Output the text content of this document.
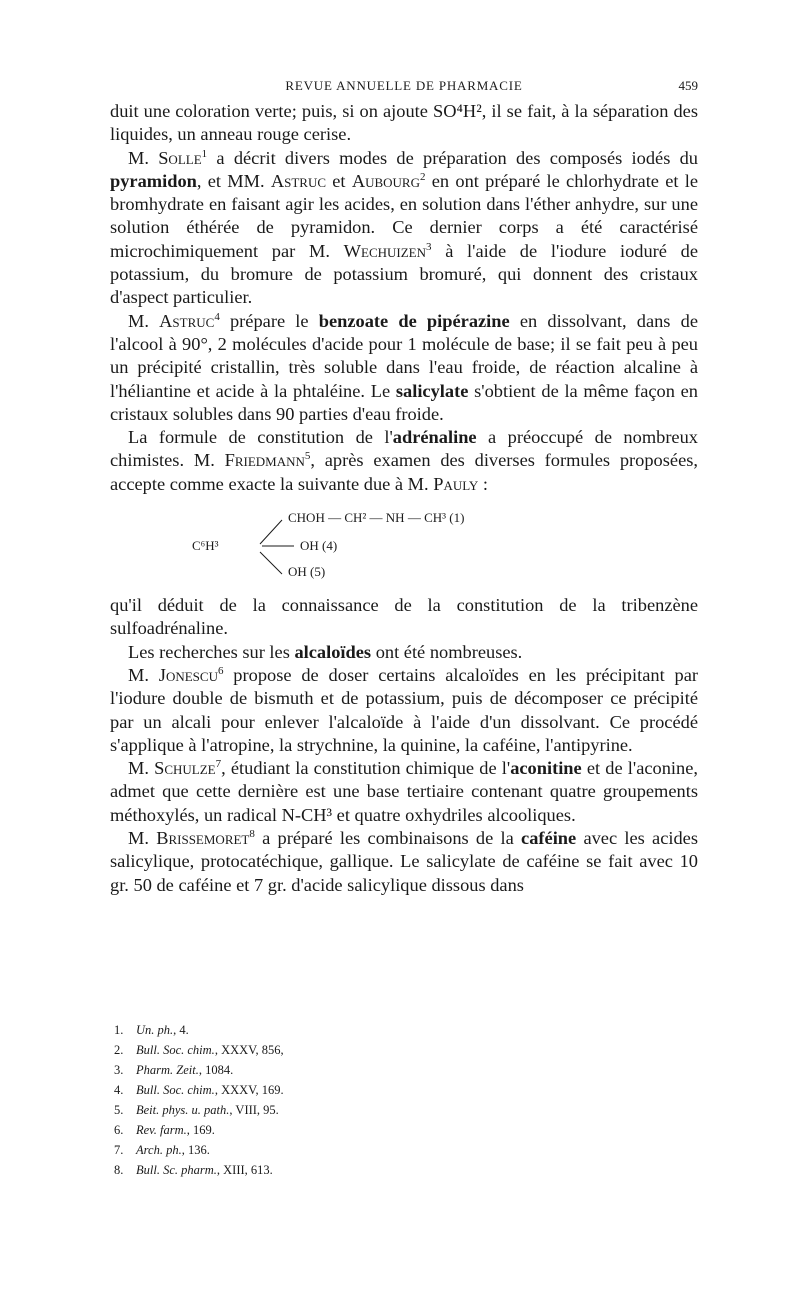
REVUE ANNUELLE DE PHARMACIE	459

duit une coloration verte; puis, si on ajoute SO⁴H², il se fait, à la séparation des liquides, un anneau rouge cerise.

M. Solle$^1$ a décrit divers modes de préparation des composés iodés du pyramidon, et MM. Astruc et Aubourg$^2$ en ont préparé le chlorhydrate et le bromhydrate en faisant agir les acides, en solution dans l'éther anhydre, sur une solution éthérée de pyramidon. Ce dernier corps a été caractérisé microchimiquement par M. Wechuizen$^3$ à l'aide de l'iodure ioduré de potassium, du bromure de potassium bromuré, qui donnent des cristaux d'aspect particulier.

M. Astruc$^4$ prépare le benzoate de pipérazine en dissolvant, dans de l'alcool à 90°, 2 molécules d'acide pour 1 molécule de base; il se fait peu à peu un précipité cristallin, très soluble dans l'eau froide, de réaction alcaline à l'héliantine et acide à la phtaléine. Le salicylate s'obtient de la même façon en cristaux solubles dans 90 parties d'eau froide.

La formule de constitution de l'adrénaline a préoccupé de nombreux chimistes. M. Friedmann$^5$, après examen des diverses formules proposées, accepte comme exacte la suivante due à M. Pauly :

C⁶H³
CHOH — CH² — NH — CH³ (1)
OH (4)
OH (5)

qu'il déduit de la connaissance de la constitution de la tribenzène sulfoadrénaline.

Les recherches sur les alcaloïdes ont été nombreuses.

M. Jonescu$^6$ propose de doser certains alcaloïdes en les précipitant par l'iodure double de bismuth et de potassium, puis de décomposer ce précipité par un alcali pour enlever l'alcaloïde à l'aide d'un dissolvant. Ce procédé s'applique à l'atropine, la strychnine, la quinine, la caféine, l'antipyrine.

M. Schulze$^7$, étudiant la constitution chimique de l'aconitine et de l'aconine, admet que cette dernière est une base tertiaire contenant quatre groupements méthoxylés, un radical N-CH³ et quatre oxhydriles alcooliques.

M. Brissemoret$^8$ a préparé les combinaisons de la caféine avec les acides salicylique, protocatéchique, gallique. Le salicylate de caféine se fait avec 10 gr. 50 de caféine et 7 gr. d'acide salicylique dissous dans

1. Un. ph., 4.
2. Bull. Soc. chim., XXXV, 856,
3. Pharm. Zeit., 1084.
4. Bull. Soc. chim., XXXV, 169.
5. Beit. phys. u. path., VIII, 95.
6. Rev. farm., 169.
7. Arch. ph., 136.
8. Bull. Sc. pharm., XIII, 613.
